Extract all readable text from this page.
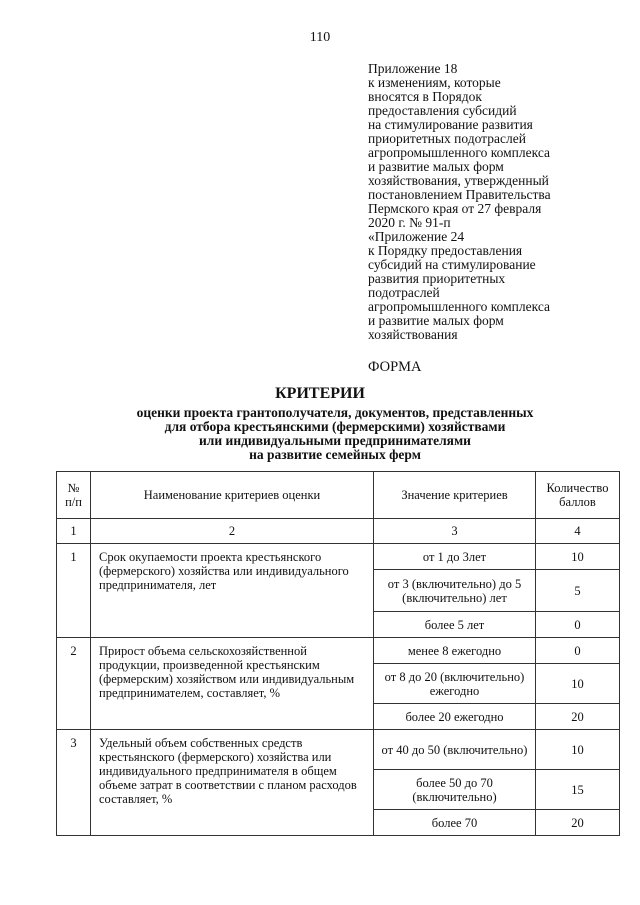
110
Приложение 18
к изменениям, которые
вносятся в Порядок
предоставления субсидий
на стимулирование развития
приоритетных подотраслей
агропромышленного комплекса
и развитие малых форм
хозяйствования, утвержденный
постановлением Правительства
Пермского края от 27 февраля
2020 г. № 91-п
«Приложение 24
к Порядку предоставления
субсидий на стимулирование
развития приоритетных
подотраслей
агропромышленного комплекса
и развитие малых форм
хозяйствования
ФОРМА
КРИТЕРИИ
оценки проекта грантополучателя, документов, представленных
для отбора крестьянскими (фермерскими) хозяйствами
или индивидуальными предпринимателями
на развитие семейных ферм
№ п/п	Наименование критериев оценки	Значение критериев	Количество баллов
1	2	3	4
1	Срок окупаемости проекта крестьянского (фермерского) хозяйства или индивидуального предпринимателя, лет	от 1 до 3лет	10
		от 3 (включительно) до 5 (включительно) лет	5
		более 5 лет	0
2	Прирост объема сельскохозяйственной продукции, произведенной крестьянским (фермерским) хозяйством или индивидуальным предпринимателем, составляет, %	менее 8 ежегодно	0
		от 8 до 20 (включительно) ежегодно	10
		более 20 ежегодно	20
3	Удельный объем собственных средств крестьянского (фермерского) хозяйства или индивидуального предпринимателя в общем объеме затрат в соответствии с планом расходов составляет, %	от 40 до 50 (включительно)	10
		более 50 до 70 (включительно)	15
		более 70	20
